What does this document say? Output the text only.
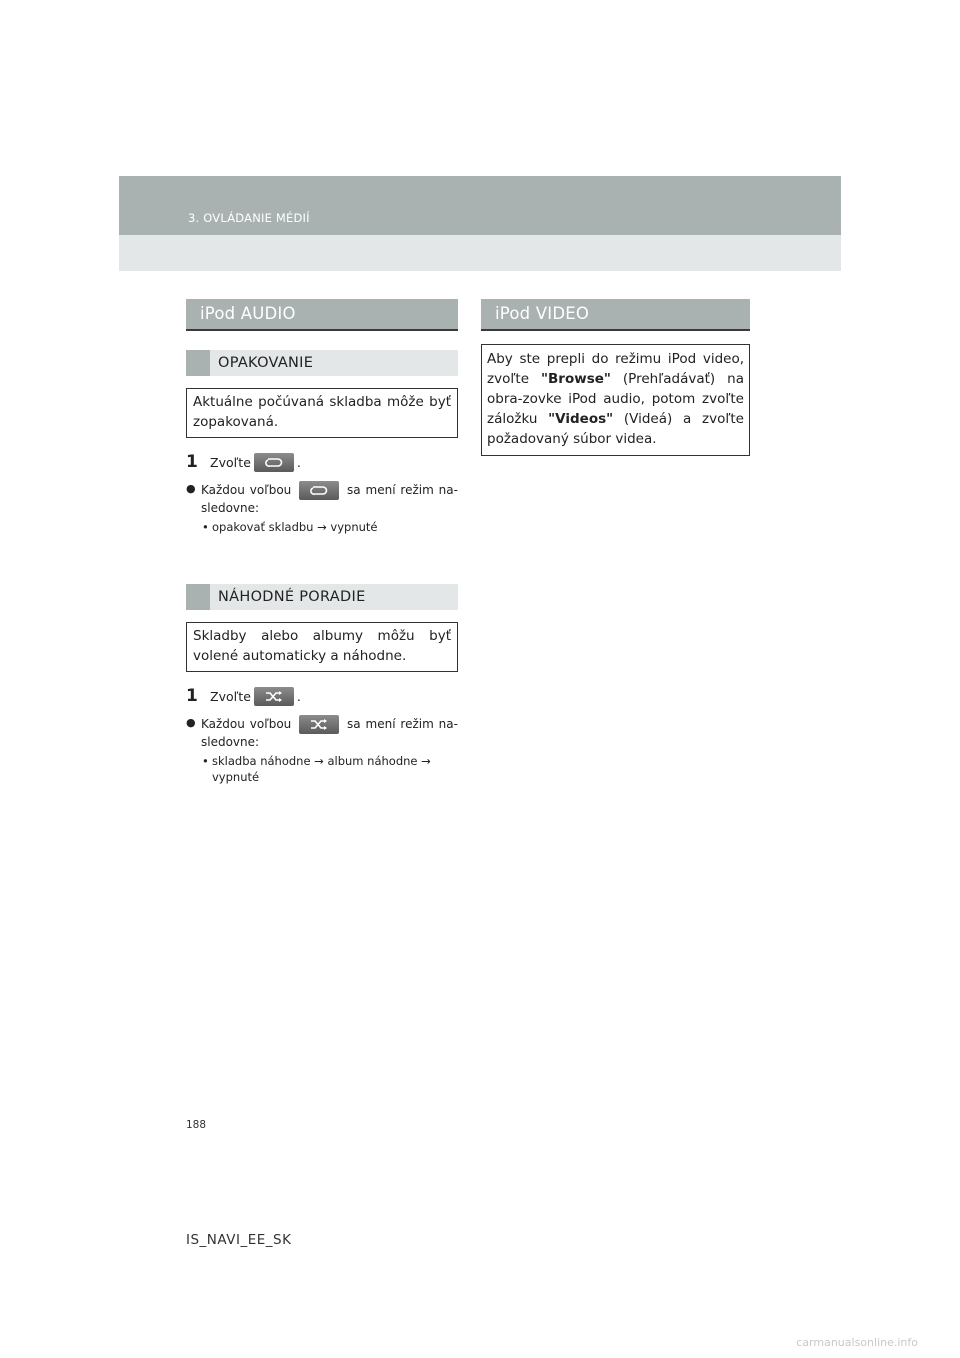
3. OVLÁDANIE MÉDIÍ
iPod AUDIO
OPAKOVANIE
Aktuálne počúvaná skladba môže byť zopakovaná.
1 Zvoľte	.
● Každou voľbou	sa mení režim na-sledovne:
• opakovať skladbu → vypnuté
NÁHODNÉ PORADIE
Skladby alebo albumy môžu byť volené automaticky a náhodne.
1 Zvoľte	.
● Každou voľbou	sa mení režim na-sledovne:
• skladba náhodne → album náhodne → vypnuté
iPod VIDEO
Aby ste prepli do režimu iPod video, zvoľte "Browse" (Prehľadávať) na obra-zovke iPod audio, potom zvoľte záložku "Videos" (Videá) a zvoľte požadovaný súbor videa.
188
IS_NAVI_EE_SK
carmanualsonline.info
